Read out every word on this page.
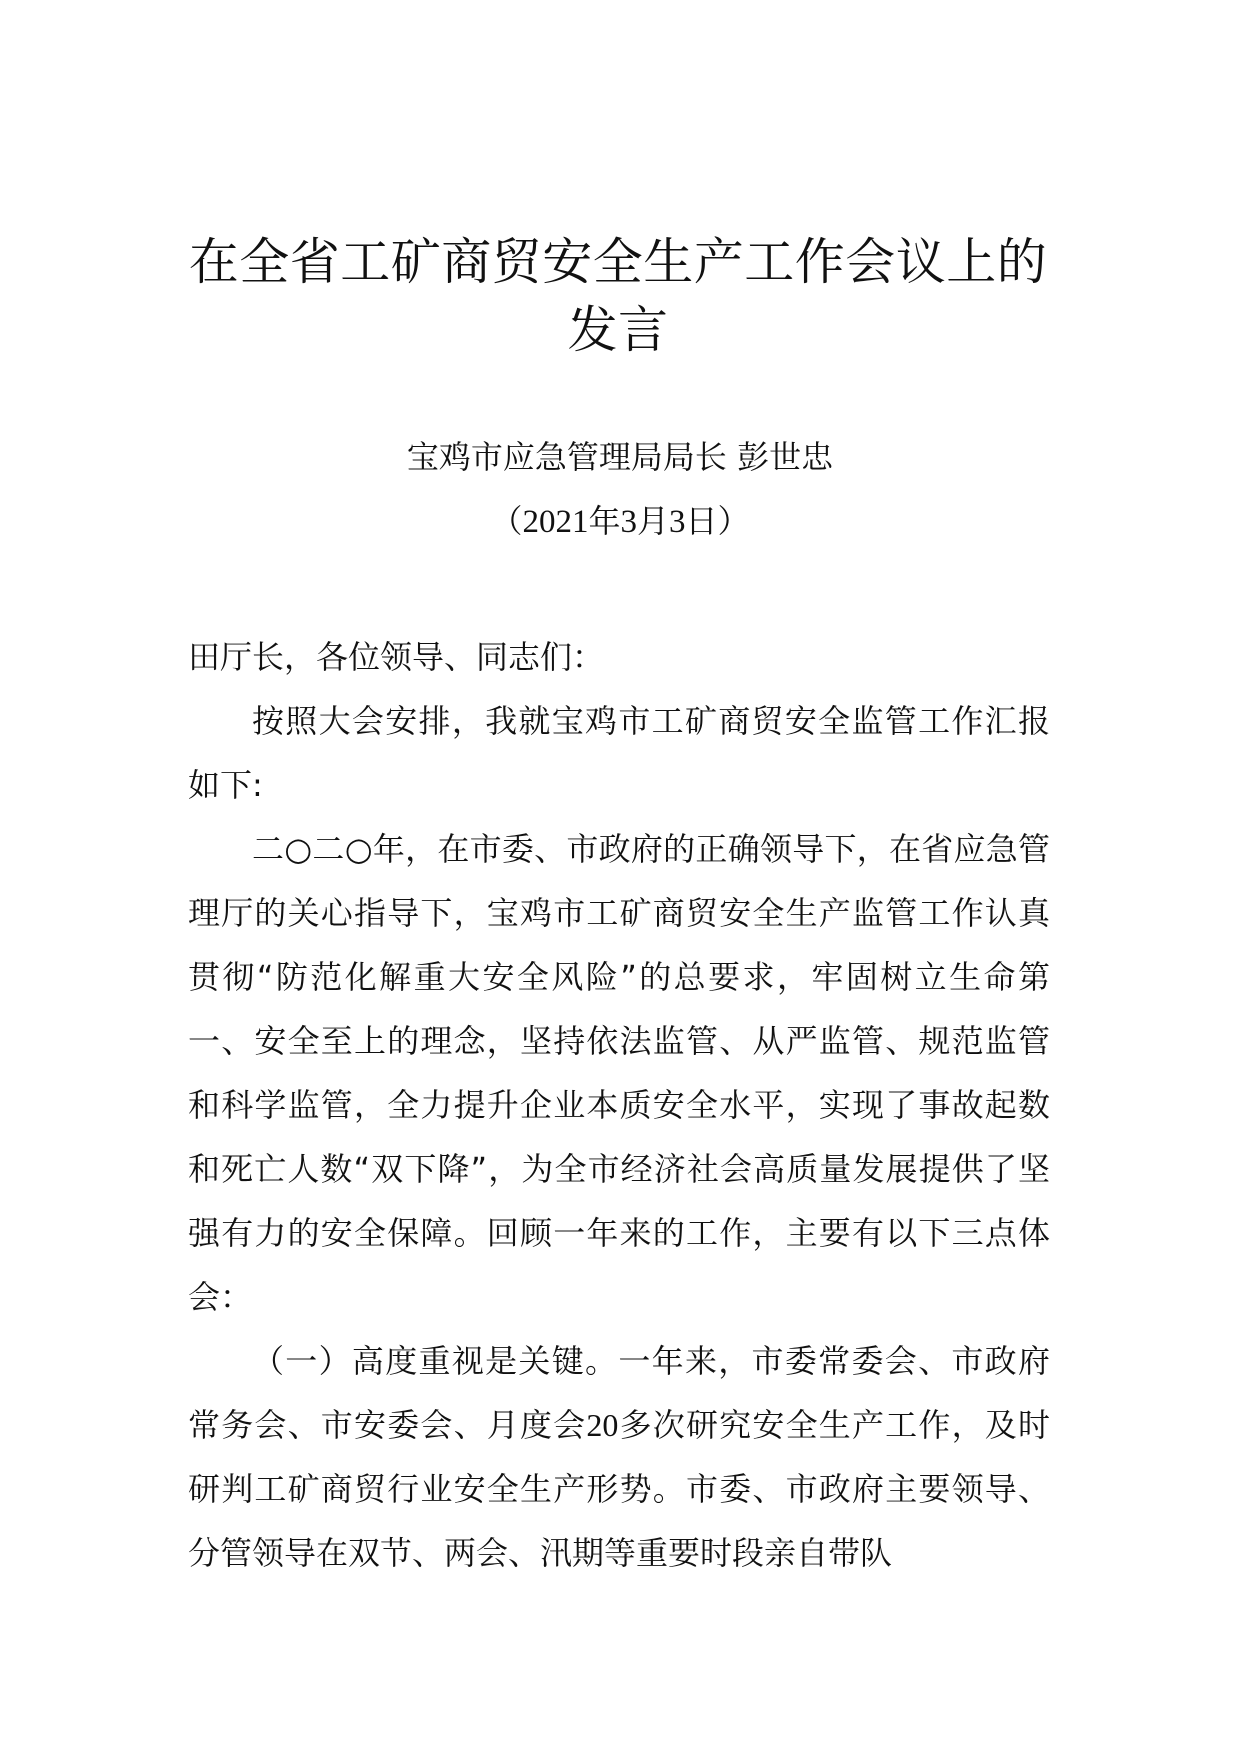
在全省工矿商贸安全生产工作会议上的发言
宝鸡市应急管理局局长 彭世忠
（2021年3月3日）

田厅长，各位领导、同志们：

按照大会安排，我就宝鸡市工矿商贸安全监管工作汇报如下:

二○二○年，在市委、市政府的正确领导下，在省应急管理厅的关心指导下，宝鸡市工矿商贸安全生产监管工作认真贯彻“防范化解重大安全风险”的总要求，牢固树立生命第一、安全至上的理念，坚持依法监管、从严监管、规范监管和科学监管，全力提升企业本质安全水平，实现了事故起数和死亡人数“双下降”，为全市经济社会高质量发展提供了坚强有力的安全保障。回顾一年来的工作，主要有以下三点体会：

（一）高度重视是关键。一年来，市委常委会、市政府常务会、市安委会、月度会20多次研究安全生产工作，及时研判工矿商贸行业安全生产形势。市委、市政府主要领导、分管领导在双节、两会、汛期等重要时段亲自带队
